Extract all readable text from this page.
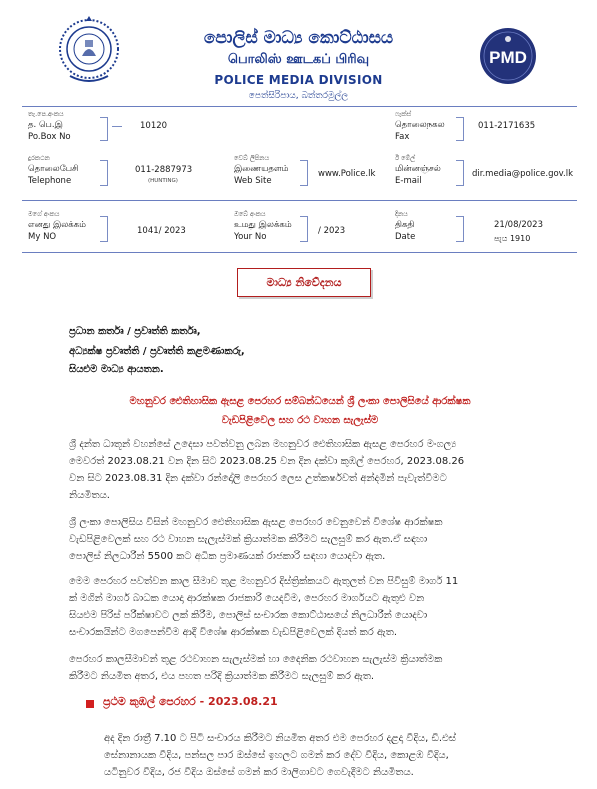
පොලිස් මාධ්‍ය කොට්ඨාසය
பொலிஸ் ஊடகப் பிரிவு
POLICE MEDIA DIVISION
පෙත්සිරිපාය, බත්තරමුල්ල
PMD
තැ.පෙ.අංකය
த. பெ.இ
Po.Box No
10120
ෆැක්ස්
தொலைநகல
Fax
011-2171635
දුරකථන
தொலைபேசி
Telephone
011-2887973
(HUNTING)
වෙබ් ලිපිනය
இணையதளம்
Web Site
www.Police.lk
ඊ මේල්
மின்னஞ்சல்
E-mail
dir.media@police.gov.lk
මගේ අංකය
எனது இலக்கம்
My NO
1041/ 2023
ඔබේ අංකය
உமது இலக்கம்
Your No
/ 2023
දිනය
திகதி
Date
21/08/2023
පැය 1910
මාධ්‍ය නිවේදනය
ප්‍රධාන කර්තෘ / ප්‍රවෘත්ති කර්තෘ,
අධ්‍යක්ෂ ප්‍රවෘත්ති / ප්‍රවෘත්ති කළමණාකරු,
සියළුම මාධ්‍ය ආයතන.
මහනුවර ඓතිහාසික ඇසළ පෙරහර සම්බන්ධයෙන් ශ්‍රී ලංකා පොලිසියේ ආරක්ෂක
වැඩපිළිවෙල සහ රථ වාහන සැලැස්ම
ශ්‍රී දන්ත ධාතූන් වහන්සේ උදෙසා පවත්වනු ලබන මහනුවර ඓතිහාසික ඇසළ පෙරහර මංගල්‍ය
මෙවරත් 2023.08.21 වන දින සිට 2023.08.25 වන දින දක්වා කුඹල් පෙරහර, 2023.08.26
වන සිට 2023.08.31 දින දක්වා රන්දෝලි පෙරහර ලෙස උත්කර්ෂවත් අන්දමින් පැවැත්වීමට
නියමිතය.
ශ්‍රී ලංකා පොලිසිය විසින් මහනුවර ඓතිහාසික ඇසළ පෙරහර වෙනුවෙන් විශේෂ ආරක්ෂක
වැඩපිළිවෙලක් සහ රථ වාහන සැලැස්මක් ක්‍රියාත්මක කිරීමට සැලසුම් කර ඇත.ඒ සඳහා
පොලිස් නිලධාරීන් 5500 කට අධික ප්‍රමාණයක් රාජකාරි සඳහා යොදවා ඇත.
මෙම පෙරහර පවත්වන කාල සීමාව තුළ මහනුවර දිස්ත්‍රික්කයට ඇතුලත් වන පිවිසුම් මාර්ග 11
ක් මගින් මාර්ග බාධක යොදා ආරක්ෂක රාජකාරි යෙදවීම, පෙරහර මාර්ගයට ඇතුළු වන
සියළුම පිරිස් පරීක්ෂාවට ලක් කිරීම, පොලිස් සංචාරක කොට්ඨාසයේ නිලධාරීන් යොදවා
සංචාරකයින්ට මගපෙන්වීම ආදී විශේෂ ආරක්ෂක වැඩපිළිවෙලක් දියත් කර ඇත.
පෙරහර කාලසීමාවන් තුළ රථවාහන සැලැස්මක් හා දෛනික රථවාහන සැලැස්ම ක්‍රියාත්මක
කිරීමට නියමිත අතර, එය පහත පරිදි ක්‍රියාත්මක කිරීමට සැලසුම් කර ඇත.
ප්‍රථම කුඹල් පෙරහර - 2023.08.21
අද දින රාත්‍රී 7.10 ට පිටි සංචාරය කිරීමට නියමිත අතර එම පෙරහර දළදා වීදිය, ඩී.එස්
සේනානායක වීදිය, පන්සල පාර ඔස්සේ ඉහලට ගමන් කර දේව වීදිය, කොළඹ වීදිය,
යටිනුවර වීදිය, රජ වීදිය ඔස්සේ ගමන් කර මාලිගාවට ගෙවැදීමට නියමිතය.
